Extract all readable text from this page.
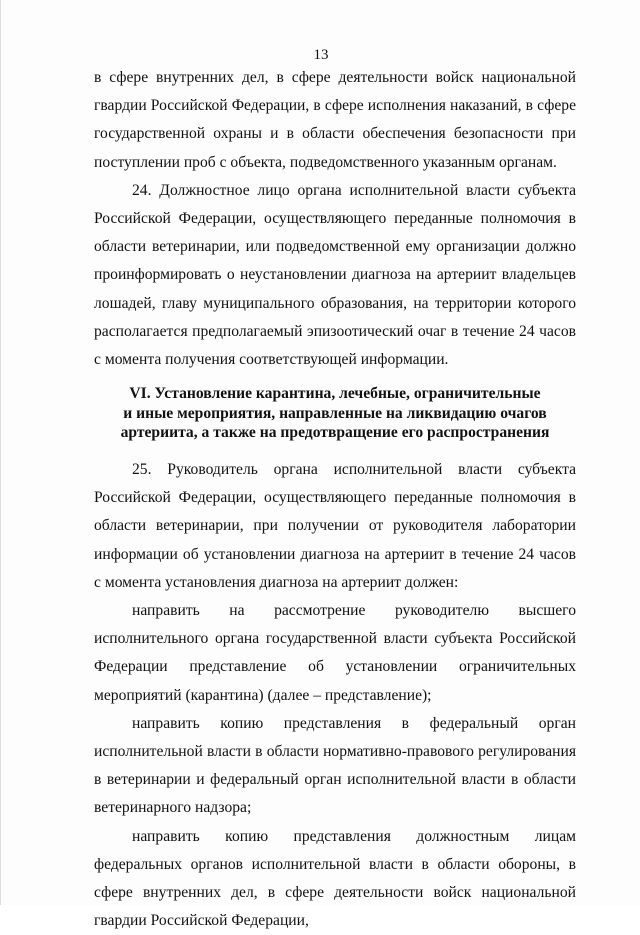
13

в сфере внутренних дел, в сфере деятельности войск национальной гвардии Российской Федерации, в сфере исполнения наказаний, в сфере государственной охраны и в области обеспечения безопасности при поступлении проб с объекта, подведомственного указанным органам.

24. Должностное лицо органа исполнительной власти субъекта Российской Федерации, осуществляющего переданные полномочия в области ветеринарии, или подведомственной ему организации должно проинформировать о неустановлении диагноза на артериит владельцев лошадей, главу муниципального образования, на территории которого располагается предполагаемый эпизоотический очаг в течение 24 часов с момента получения соответствующей информации.

VI. Установление карантина, лечебные, ограничительные
и иные мероприятия, направленные на ликвидацию очагов
артериита, а также на предотвращение его распространения

25. Руководитель органа исполнительной власти субъекта Российской Федерации, осуществляющего переданные полномочия в области ветеринарии, при получении от руководителя лаборатории информации об установлении диагноза на артериит в течение 24 часов с момента установления диагноза на артериит должен:

направить на рассмотрение руководителю высшего исполнительного органа государственной власти субъекта Российской Федерации представление об установлении ограничительных мероприятий (карантина) (далее – представление);

направить копию представления в федеральный орган исполнительной власти в области нормативно-правового регулирования в ветеринарии и федеральный орган исполнительной власти в области ветеринарного надзора;

направить копию представления должностным лицам федеральных органов исполнительной власти в области обороны, в сфере внутренних дел, в сфере деятельности войск национальной гвардии Российской Федерации,
